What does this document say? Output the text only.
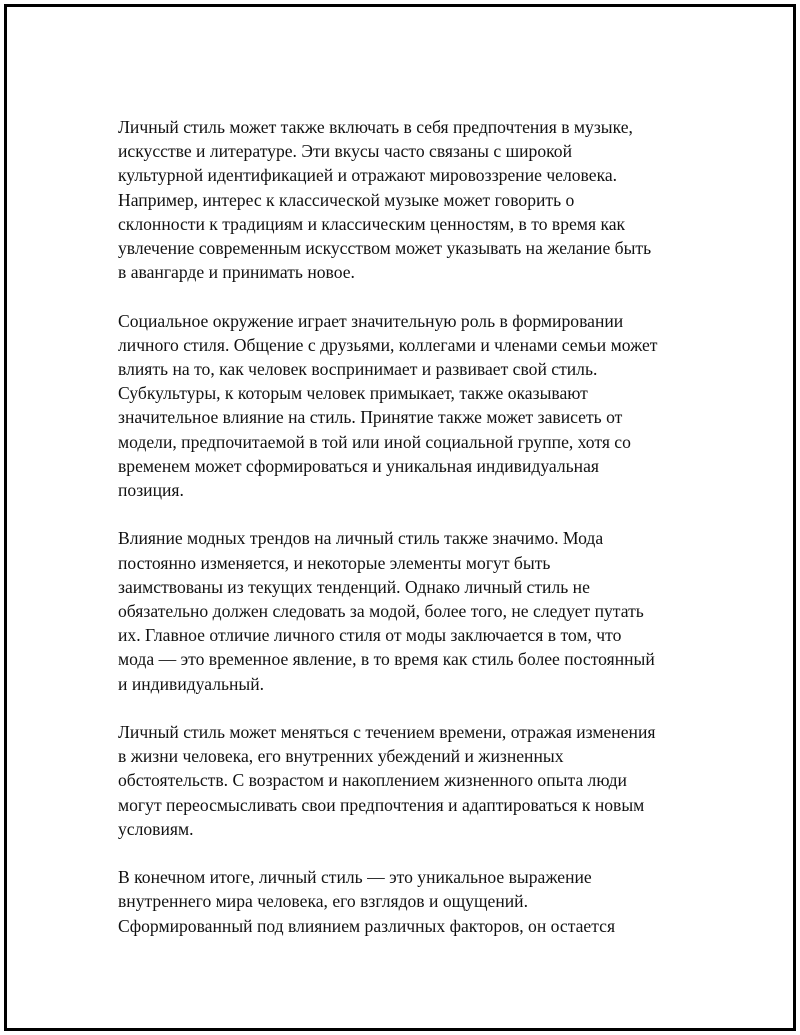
Личный стиль может также включать в себя предпочтения в музыке,
искусстве и литературе. Эти вкусы часто связаны с широкой
культурной идентификацией и отражают мировоззрение человека.
Например, интерес к классической музыке может говорить о
склонности к традициям и классическим ценностям, в то время как
увлечение современным искусством может указывать на желание быть
в авангарде и принимать новое.

Социальное окружение играет значительную роль в формировании
личного стиля. Общение с друзьями, коллегами и членами семьи может
влиять на то, как человек воспринимает и развивает свой стиль.
Субкультуры, к которым человек примыкает, также оказывают
значительное влияние на стиль. Принятие также может зависеть от
модели, предпочитаемой в той или иной социальной группе, хотя со
временем может сформироваться и уникальная индивидуальная
позиция.

Влияние модных трендов на личный стиль также значимо. Мода
постоянно изменяется, и некоторые элементы могут быть
заимствованы из текущих тенденций. Однако личный стиль не
обязательно должен следовать за модой, более того, не следует путать
их. Главное отличие личного стиля от моды заключается в том, что
мода — это временное явление, в то время как стиль более постоянный
и индивидуальный.

Личный стиль может меняться с течением времени, отражая изменения
в жизни человека, его внутренних убеждений и жизненных
обстоятельств. С возрастом и накоплением жизненного опыта люди
могут переосмысливать свои предпочтения и адаптироваться к новым
условиям.

В конечном итоге, личный стиль — это уникальное выражение
внутреннего мира человека, его взглядов и ощущений.
Сформированный под влиянием различных факторов, он остается
